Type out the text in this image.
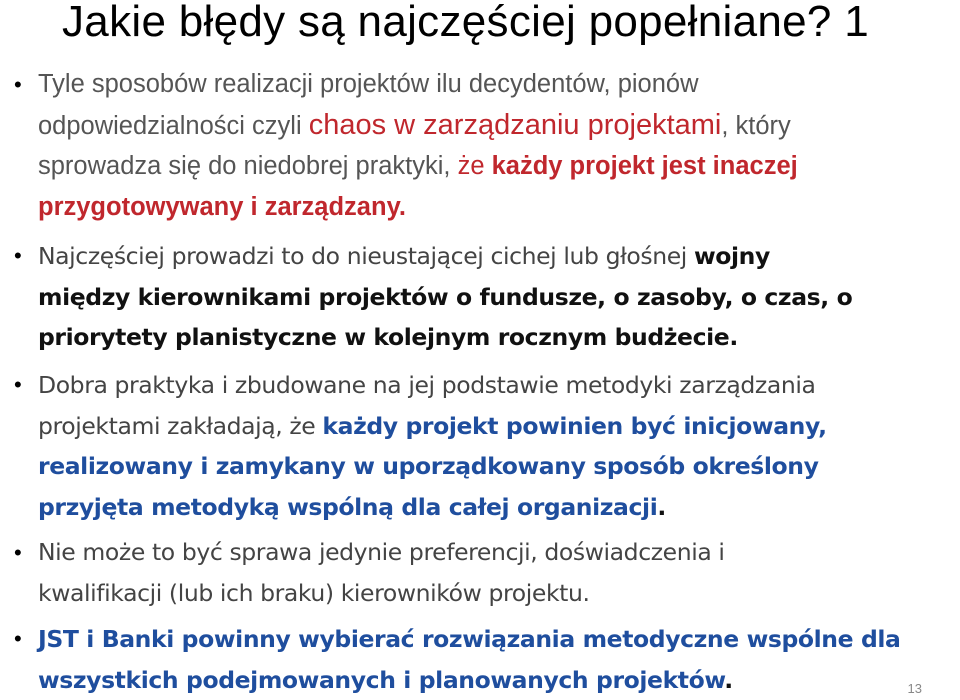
Jakie błędy są najczęściej popełniane? 1
• Tyle sposobów realizacji projektów ilu decydentów, pionów
odpowiedzialności czyli chaos w zarządzaniu projektami, który
sprowadza się do niedobrej praktyki, że każdy projekt jest inaczej
przygotowywany i zarządzany.
• Najczęściej prowadzi to do nieustającej cichej lub głośnej wojny
między kierownikami projektów o fundusze, o zasoby, o czas, o
priorytety planistyczne w kolejnym rocznym budżecie.
• Dobra praktyka i zbudowane na jej podstawie metodyki zarządzania
projektami zakładają, że każdy projekt powinien być inicjowany,
realizowany i zamykany w uporządkowany sposób określony
przyjęta metodyką wspólną dla całej organizacji.
• Nie może to być sprawa jedynie preferencji, doświadczenia i
kwalifikacji (lub ich braku) kierowników projektu.
• JST i Banki powinny wybierać rozwiązania metodyczne wspólne dla
wszystkich podejmowanych i planowanych projektów.	13
